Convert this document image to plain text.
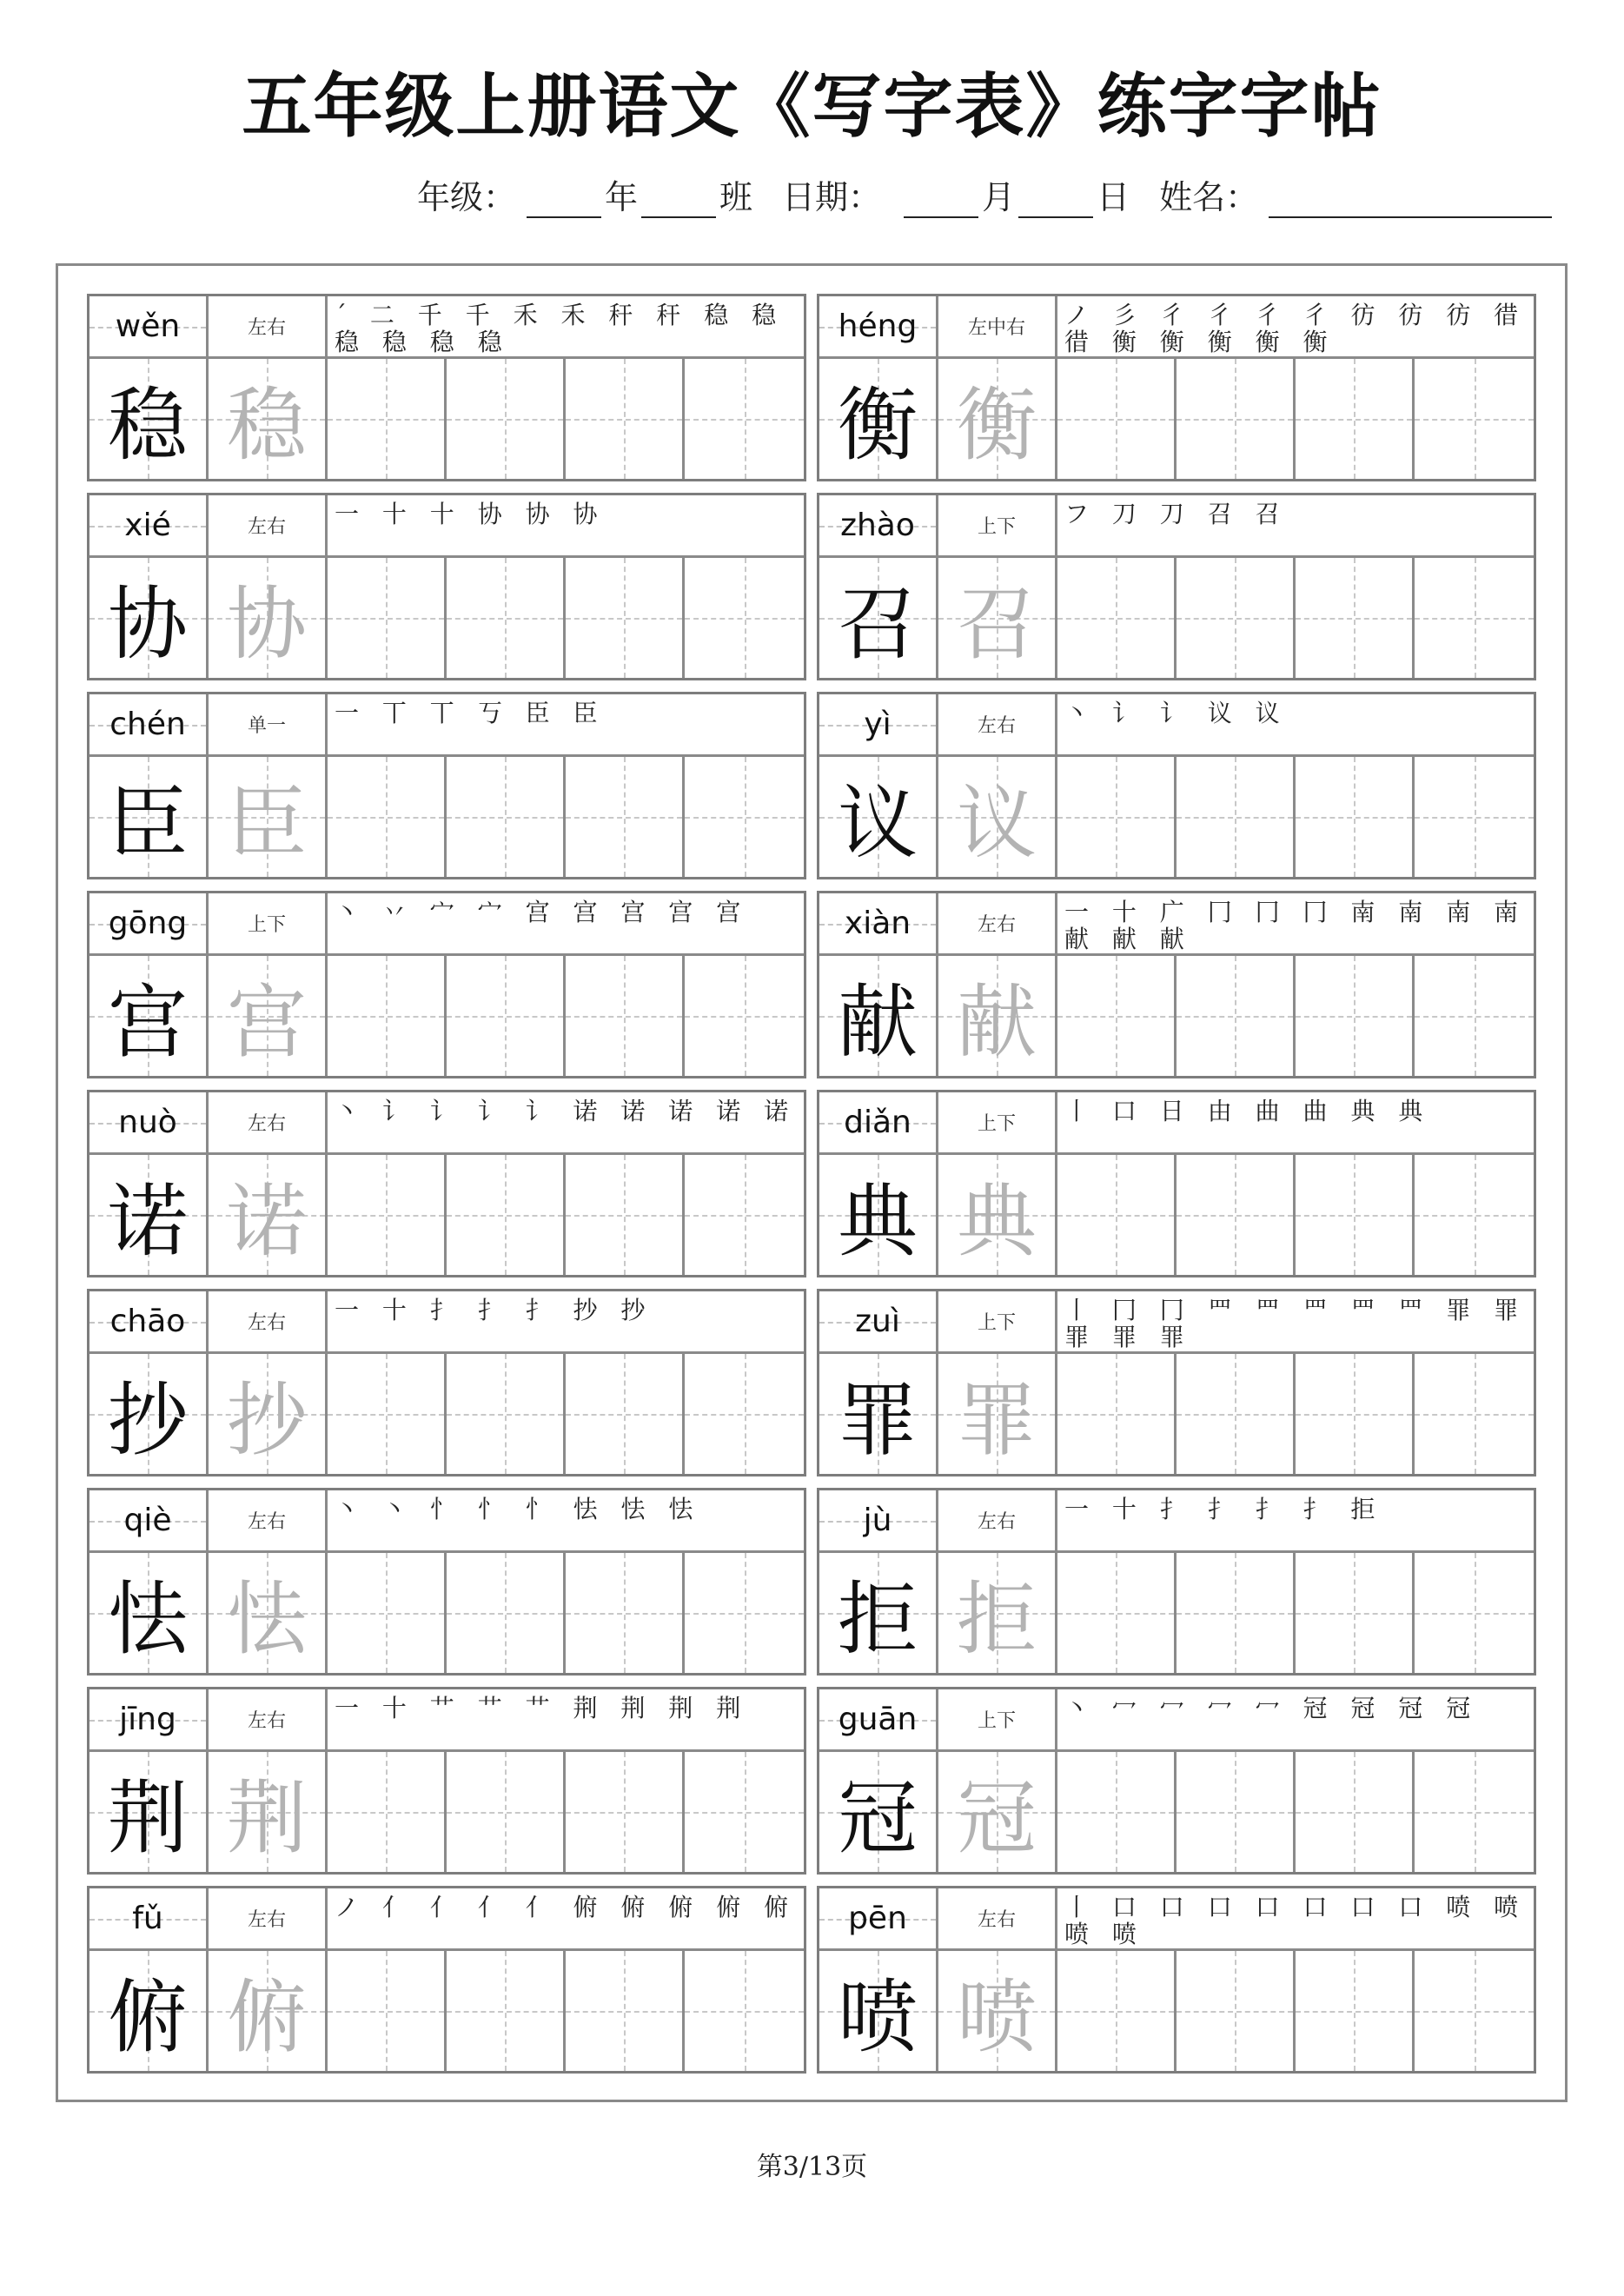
五年级上册语文《写字表》练字字帖
年级：	年 班 日期：	月 日 姓名：
wěn	左右	´ ⼆ 千 千 禾 禾 秆 秆 稳 稳 稳 稳 稳 稳
稳 稳
héng	左中右	ノ 彡 彳 彳 彳 彳 彷 彷 彷 徣 徣 衡 衡 衡 衡 衡
衡 衡
xié	左右	一 十 十 协 协 协
协 协
zhào	上下	フ 刀 刀 召 召
召 召
chén	单一	一 丅 丅 丂 臣 臣
臣 臣
yì	左右	丶 讠 讠 议 议
议 议
gōng	上下	丶 丷 宀 宀 宫 宫 宫 宫 宫
宫 宫
xiàn	左右	一 十 广 冂 冂 冂 南 南 南 南 献 献 献
献 献
nuò	左右	丶 讠 讠 讠 讠 诺 诺 诺 诺 诺
诺 诺
diǎn	上下	丨 口 日 由 曲 曲 典 典
典 典
chāo	左右	一 十 扌 扌 扌 抄 抄
抄 抄
zuì	上下	丨 冂 冂 罒 罒 罒 罒 罒 罪 罪 罪 罪 罪
罪 罪
qiè	左右	丶 丶 忄 忄 忄 怯 怯 怯
怯 怯
jù	左右	一 十 扌 扌 扌 扌 拒
拒 拒
jīng	左右	一 十 艹 艹 艹 荆 荆 荆 荆
荆 荆
guān	上下	丶 冖 冖 冖 冖 冠 冠 冠 冠
冠 冠
fǔ	左右	ノ 亻 亻 亻 亻 俯 俯 俯 俯 俯
俯 俯
pēn	左右	丨 口 口 口 口 口 口 口 喷 喷 喷 喷
喷 喷
第3/13页
